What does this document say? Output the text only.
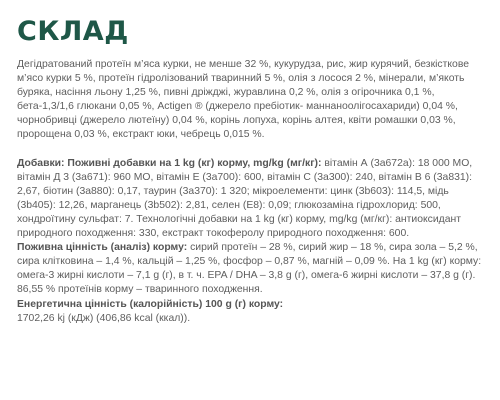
СКЛАД

Дегідратований протеїн м’яса курки, не менше 32 %, кукурудза, рис, жир курячий, безкісткове м’ясо курки 5 %, протеїн гідролізований тваринний 5 %, олія з лосося 2 %, мінерали, м’якоть буряка, насіння льону 1,25 %, пивні дріжджі, журавлина 0,2 %, олія з огірочника 0,1 %, бета-1,3/1,6 глюкани 0,05 %, Actigen ® (джерело пребіотик- маннаноолігосахариди) 0,04 %, чорнобривці (джерело лютеїну) 0,04 %, корінь лопуха, корінь алтея, квіти ромашки 0,03 %, пророщена 0,03 %, екстракт юки, чебрець 0,015 %.

Добавки: Поживні добавки на 1 kg (кг) корму, mg/kg (мг/кг): вітамін А (3a672a): 18 000 МО, вітамін Д 3 (3a671): 960 МО, вітамін Е (3a700): 600, вітамін С (3a300): 240, вітамін В 6 (3a831): 2,67, біотин (3a880): 0,17, таурин (3a370): 1 320; мікроелементи: цинк (3b603): 114,5, мідь (3b405): 12,26, марганець (3b502): 2,81, селен (E8): 0,09; глюкозаміна гідрохлорид: 500, хондроїтину сульфат: 7. Технологічні добавки на 1 kg (кг) корму, mg/kg (мг/кг): антиоксидант природного походження: 330, екстракт токоферолу природного походження: 600.
Поживна цінність (аналіз) корму: сирий протеїн – 28 %, сирий жир – 18 %, сира зола – 5,2 %, сира клітковина – 1,4 %, кальцій – 1,25 %, фосфор – 0,87 %, магній – 0,09 %. На 1 kg (кг) корму: омега-3 жирні кислоти – 7,1 g (г), в т. ч. EPA / DHA – 3,8 g (г), омега-6 жирні кислоти – 37,8 g (г). 86,55 % протеїнів корму – тваринного походження.
Енергетична цінність (калорійність) 100 g (г) корму:
1702,26 kj (кДж) (406,86 kcal (ккал)).
